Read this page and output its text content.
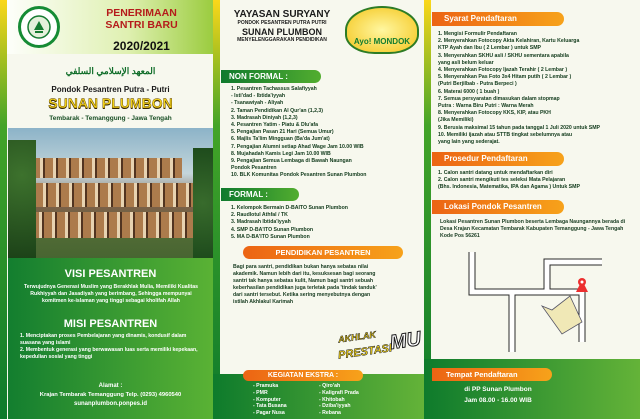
PENERIMAAN
SANTRI BARU
2020/2021
المعهد الإسلامي السلفي
Pondok Pesantren Putra - Putri
SUNAN PLUMBON
Tembarak - Temanggung - Jawa Tengah
VISI PESANTREN
Terwujudnya Generasi Muslim yang Berakhlak Mulia, Memiliki Kualitas Rukhiyyah dan Jasadiyah yang berimbang, Sehingga mempunyai komitmen ke-islaman yang tinggi sebagai kholifah Allah
MISI PESANTREN
1. Menciptakan proses Pembelajaran yang dinamis, kondusif dalam suasana yang islami
2. Membentuk generasi yang berwawasan luas serta memiliki kepekaan, kepedulian sosial yang tinggi
Alamat :
Krajan Tembarak Temanggung Telp. (0293) 4960540
sunanplumbon.ponpes.id
YAYASAN SURYANY
PONDOK PESANTREN PUTRA PUTRI
SUNAN PLUMBON
MENYELENGGARAKAN PENDIDIKAN	Ayo! MONDOK
NON FORMAL :
1. Pesantren Tachassus Salafiyyah
- Isti'dad - Ibtida'iyyah
- Tsanawiyah - Aliyah
2. Taman Pendidikan Al Qur'an (1,2,3)
3. Madrasah Diniyah (1,2,3)
4. Pesantren Yatim - Piatu & Dlu'afa
5. Pengajian Pasan 21 Hari (Semua Umur)
6. Majlis Ta'lim Mingguan (Ba'da Jum'at)
7. Pengajian Alumni setiap Ahad Wage Jam 10.00 WIB
8. Mujahadah Kamis Legi Jam 10.00 WIB
9. Pengajian Semua Lembaga di Bawah Naungan
Pondok Pesantren
10. BLK Komunitas Pondok Pesantren Sunan Plumbon
FORMAL :
1. Kelompok Bermain D-BAITO Sunan Plumbon
2. Raudlotul Athfal / TK
3. Madrasah Ibtida'iyyah
4. SMP D-BA'ITO Sunan Plumbon
5. MA D-BA'ITO Sunan Plumbon
PENDIDIKAN PESANTREN
Bagi para santri, pendidikan bukan hanya sebatas nilai akademik. Namun lebih dari itu, kesuksesan bagi seorang santri tak hanya sebatas kulit, Namun bagi santri sebuah keberhasilan pendidikan juga terletak pada 'tindak tanduk' dari santri tersebut. Ketika sering menyebutnya dengan istilah Akhlakul Karimah
AKHLAK
PRESTASI
MU
KEGIATAN EKSTRA :
- Pramuka
- PMR
- Komputer
- Tata Busana
- Pagar Nusa
- Qiro'ah
- Kaligrafi Prada
- Khitobah
- Dziba'iyyah
- Rebana
Syarat Pendaftaran
1. Mengisi Formulir Pendaftaran
2. Menyerahkan Fotocopy Akta Kelahiran, Kartu Keluarga
KTP Ayah dan Ibu ( 2 Lembar ) untuk SMP
3. Menyerahkan SKHU asli / SKHU sementara apabila
yang asli belum keluar
4. Menyerahkan Fotocopy Ijazah Terahir ( 2 Lembar )
5. Menyerahkan Pas Foto 3x4 Hitam putih ( 2 Lembar )
(Putri Berjilbab - Putra Berpeci )
6. Materai 6000 ( 1 buah )
7. Semua persyaratan dimasukan dalam stopmap
Putra : Warna Biru Putri : Warna Merah
8. Menyerahkan Fotocopy KKS, KIP, atau PKH
(Jika Memiliki)
9. Berusia maksimal 15 tahun pada tanggal 1 Juli 2020 untuk SMP
10. Memiliki ijazah atau STTB tingkat sebelumnya atau
yang lain yang sederajat.
Prosedur Pendaftaran
1. Calon santri datang untuk mendaftarkan diri
2. Calon santri mengikuti tes seleksi Mata Pelajaran
(Bhs. Indonesia, Matematika, IPA dan Agama ) Untuk SMP
Lokasi Pondok Pesantren
Lokasi Pesantren Sunan Plumbon beserta Lembaga Naungannya berada di Desa Krajan Kecamatan Tembarak Kabupaten Temanggung - Jawa Tengah Kode Pos 56261
Tempat Pendaftaran
di PP Sunan Plumbon
Jam 08.00 - 16.00 WIB
